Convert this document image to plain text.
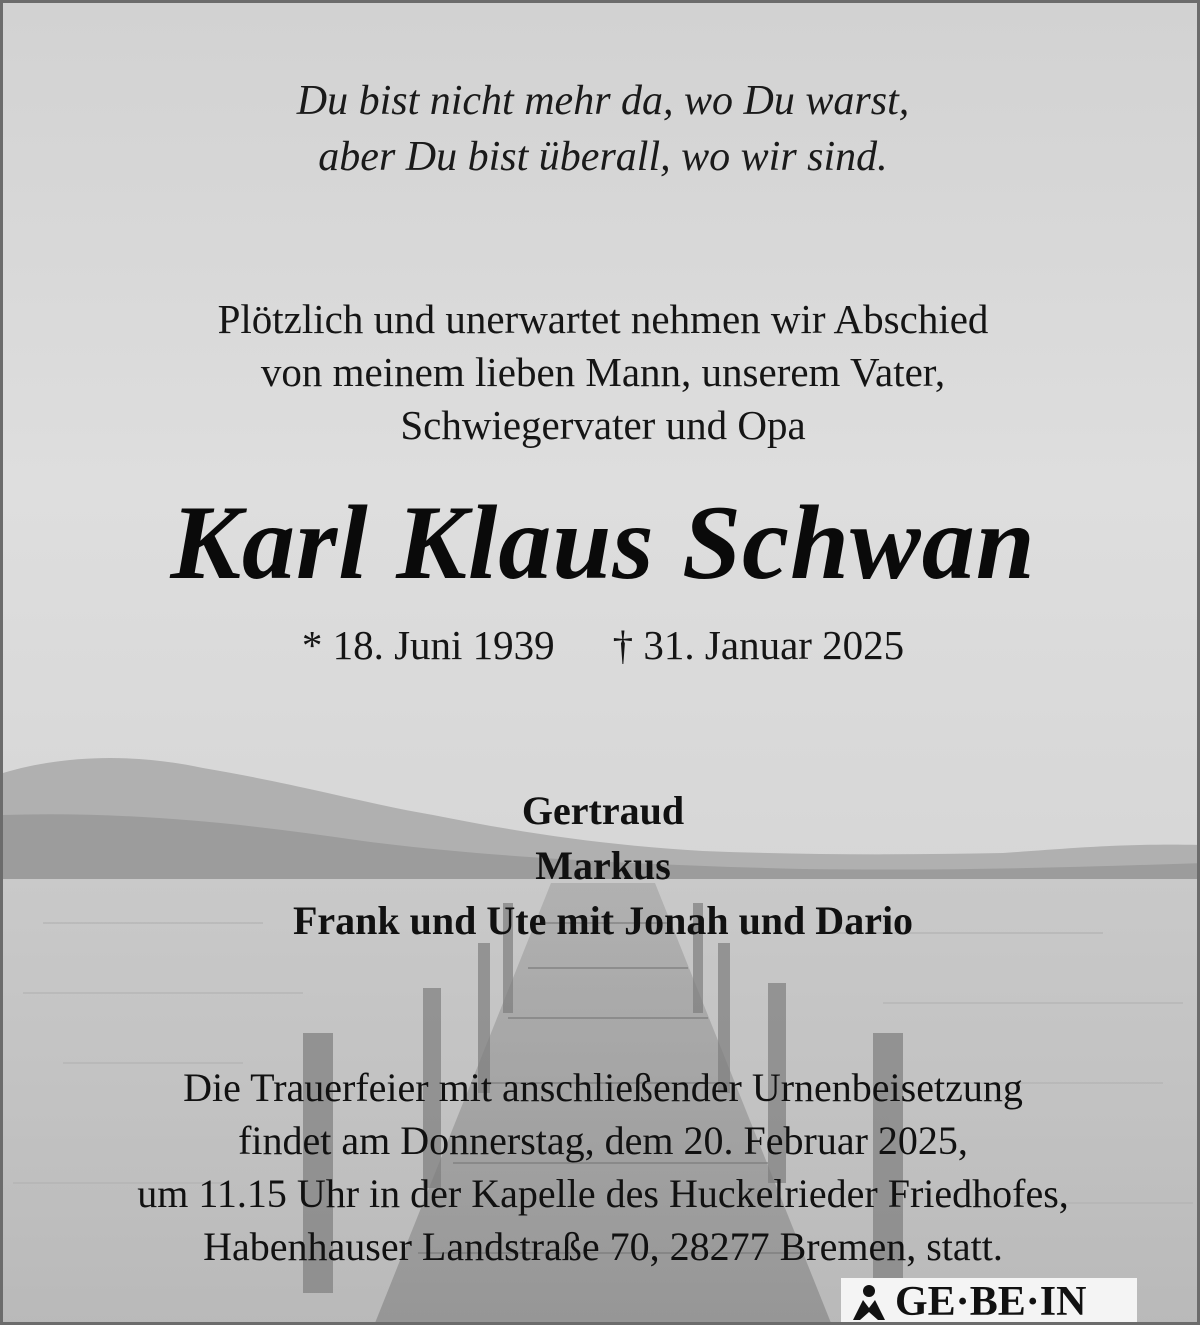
Du bist nicht mehr da, wo Du warst,
aber Du bist überall, wo wir sind.

Plötzlich und unerwartet nehmen wir Abschied
von meinem lieben Mann, unserem Vater,
Schwiegervater und Opa

Karl Klaus Schwan

* 18. Juni 1939 † 31. Januar 2025

Gertraud
Markus
Frank und Ute mit Jonah und Dario

Die Trauerfeier mit anschließender Urnenbeisetzung
findet am Donnerstag, dem 20. Februar 2025,
um 11.15 Uhr in der Kapelle des Huckelrieder Friedhofes,
Habenhauser Landstraße 70, 28277 Bremen, statt.

GE·BE·IN
